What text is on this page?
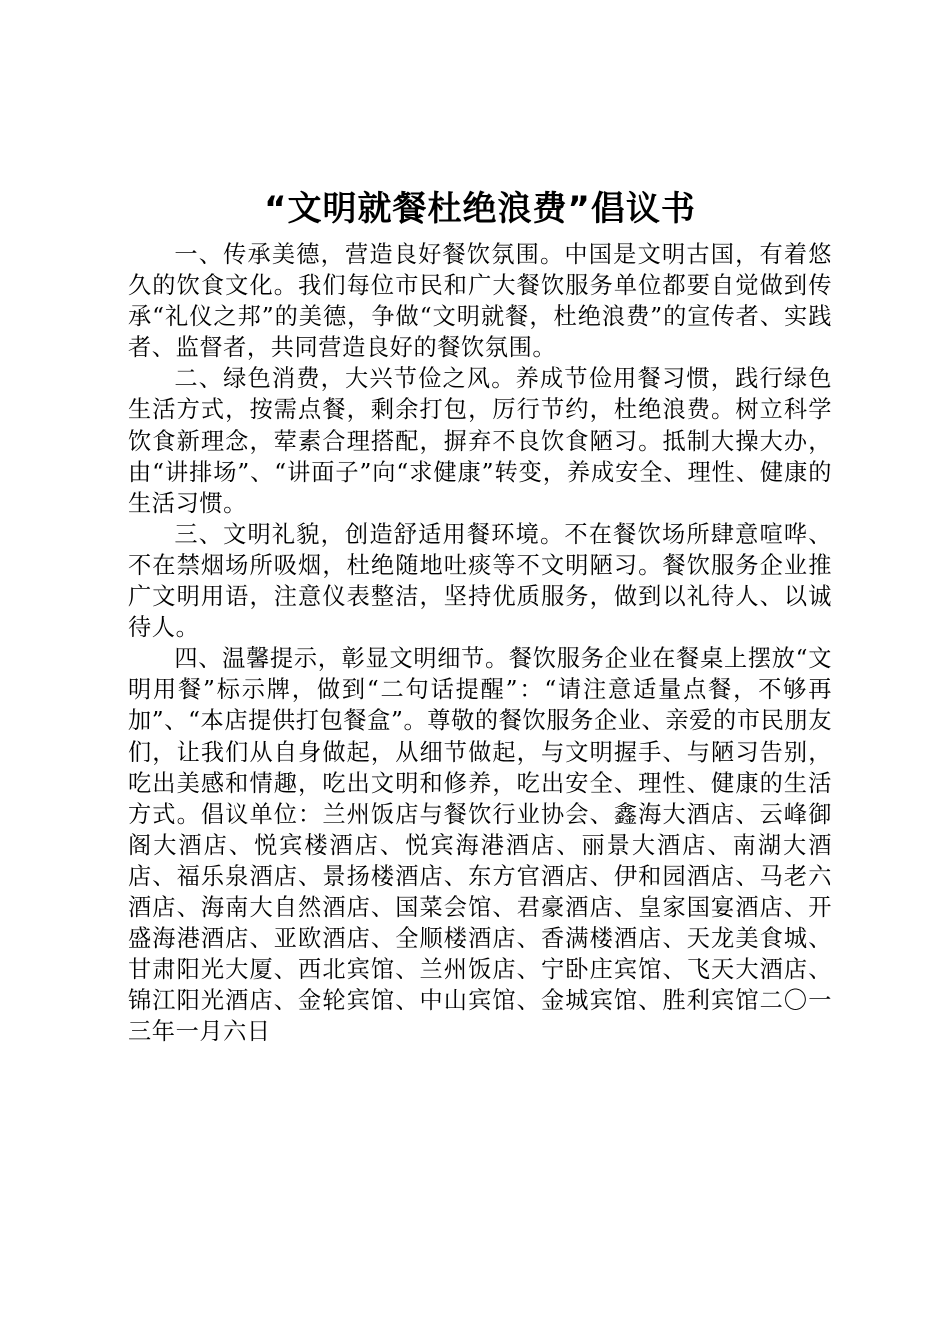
“文明就餐杜绝浪费”倡议书

一、传承美德，营造良好餐饮氛围。中国是文明古国，有着悠久的饮食文化。我们每位市民和广大餐饮服务单位都要自觉做到传承“礼仪之邦”的美德，争做“文明就餐，杜绝浪费”的宣传者、实践者、监督者，共同营造良好的餐饮氛围。

二、绿色消费，大兴节俭之风。养成节俭用餐习惯，践行绿色生活方式，按需点餐，剩余打包，厉行节约，杜绝浪费。树立科学饮食新理念，荤素合理搭配，摒弃不良饮食陋习。抵制大操大办，由“讲排场”、“讲面子”向“求健康”转变，养成安全、理性、健康的生活习惯。

三、文明礼貌，创造舒适用餐环境。不在餐饮场所肆意喧哗、不在禁烟场所吸烟，杜绝随地吐痰等不文明陋习。餐饮服务企业推广文明用语，注意仪表整洁，坚持优质服务，做到以礼待人、以诚待人。

四、温馨提示，彰显文明细节。餐饮服务企业在餐桌上摆放“文明用餐”标示牌，做到“二句话提醒”：“请注意适量点餐，不够再加”、“本店提供打包餐盒”。尊敬的餐饮服务企业、亲爱的市民朋友们，让我们从自身做起，从细节做起，与文明握手、与陋习告别，吃出美感和情趣，吃出文明和修养，吃出安全、理性、健康的生活方式。倡议单位：兰州饭店与餐饮行业协会、鑫海大酒店、云峰御阁大酒店、悦宾楼酒店、悦宾海港酒店、丽景大酒店、南湖大酒店、福乐泉酒店、景扬楼酒店、东方官酒店、伊和园酒店、马老六酒店、海南大自然酒店、国菜会馆、君豪酒店、皇家国宴酒店、开盛海港酒店、亚欧酒店、全顺楼酒店、香满楼酒店、天龙美食城、甘肃阳光大厦、西北宾馆、兰州饭店、宁卧庄宾馆、飞天大酒店、锦江阳光酒店、金轮宾馆、中山宾馆、金城宾馆、胜利宾馆二〇一三年一月六日
